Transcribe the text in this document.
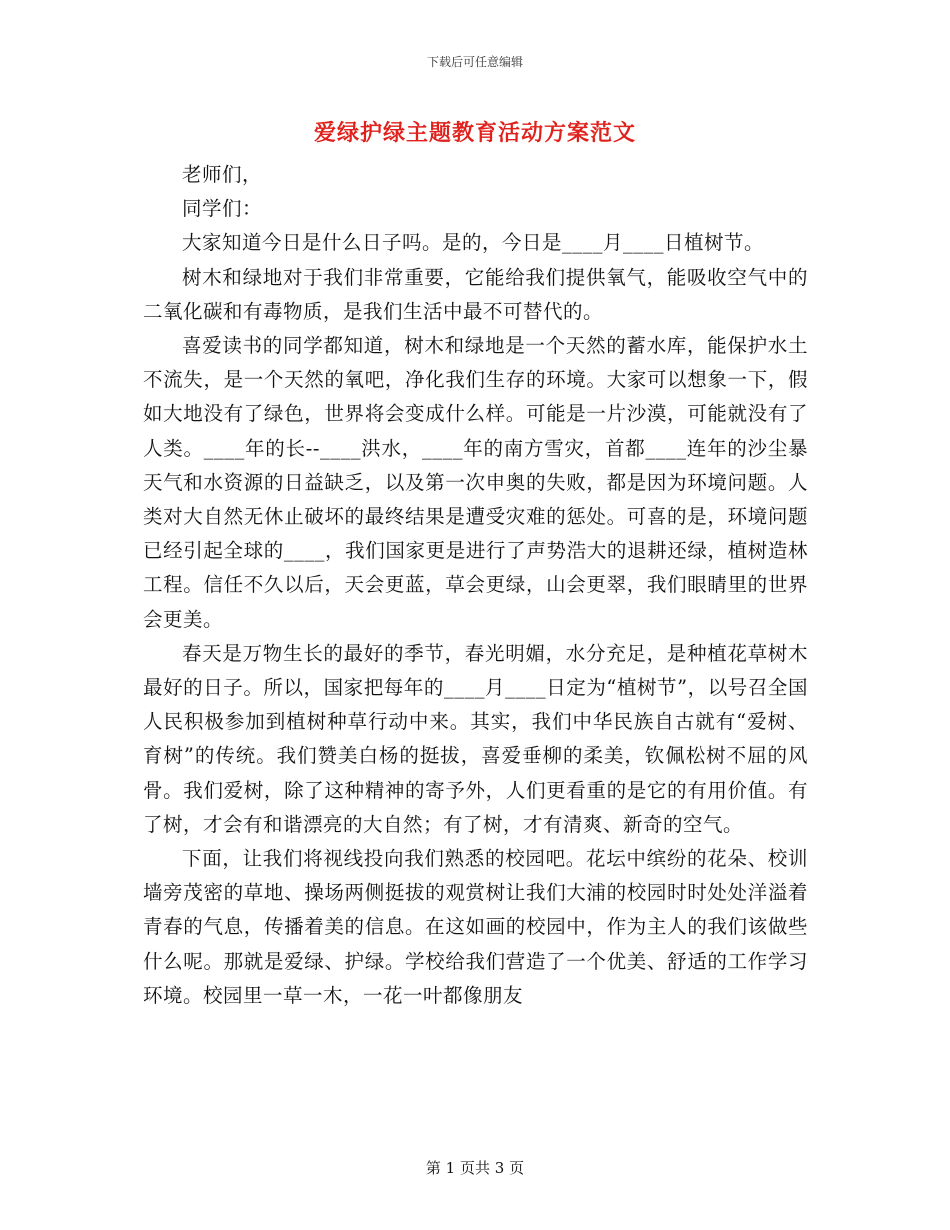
下载后可任意编辑
爱绿护绿主题教育活动方案范文

老师们，

同学们：

大家知道今日是什么日子吗。是的，今日是____月____日植树节。

树木和绿地对于我们非常重要，它能给我们提供氧气，能吸收空气中的二氧化碳和有毒物质，是我们生活中最不可替代的。

喜爱读书的同学都知道，树木和绿地是一个天然的蓄水库，能保护水土不流失，是一个天然的氧吧，净化我们生存的环境。大家可以想象一下，假如大地没有了绿色，世界将会变成什么样。可能是一片沙漠，可能就没有了人类。____年的长--____洪水，____年的南方雪灾，首都____连年的沙尘暴天气和水资源的日益缺乏，以及第一次申奥的失败，都是因为环境问题。人类对大自然无休止破坏的最终结果是遭受灾难的惩处。可喜的是，环境问题已经引起全球的____，我们国家更是进行了声势浩大的退耕还绿，植树造林工程。信任不久以后，天会更蓝，草会更绿，山会更翠，我们眼睛里的世界会更美。

春天是万物生长的最好的季节，春光明媚，水分充足，是种植花草树木最好的日子。所以，国家把每年的____月____日定为“植树节”，以号召全国人民积极参加到植树种草行动中来。其实，我们中华民族自古就有“爱树、育树”的传统。我们赞美白杨的挺拔，喜爱垂柳的柔美，钦佩松树不屈的风骨。我们爱树，除了这种精神的寄予外，人们更看重的是它的有用价值。有了树，才会有和谐漂亮的大自然；有了树，才有清爽、新奇的空气。

下面，让我们将视线投向我们熟悉的校园吧。花坛中缤纷的花朵、校训墙旁茂密的草地、操场两侧挺拔的观赏树让我们大浦的校园时时处处洋溢着青春的气息，传播着美的信息。在这如画的校园中，作为主人的我们该做些什么呢。那就是爱绿、护绿。学校给我们营造了一个优美、舒适的工作学习环境。校园里一草一木，一花一叶都像朋友

第 1 页共 3 页
